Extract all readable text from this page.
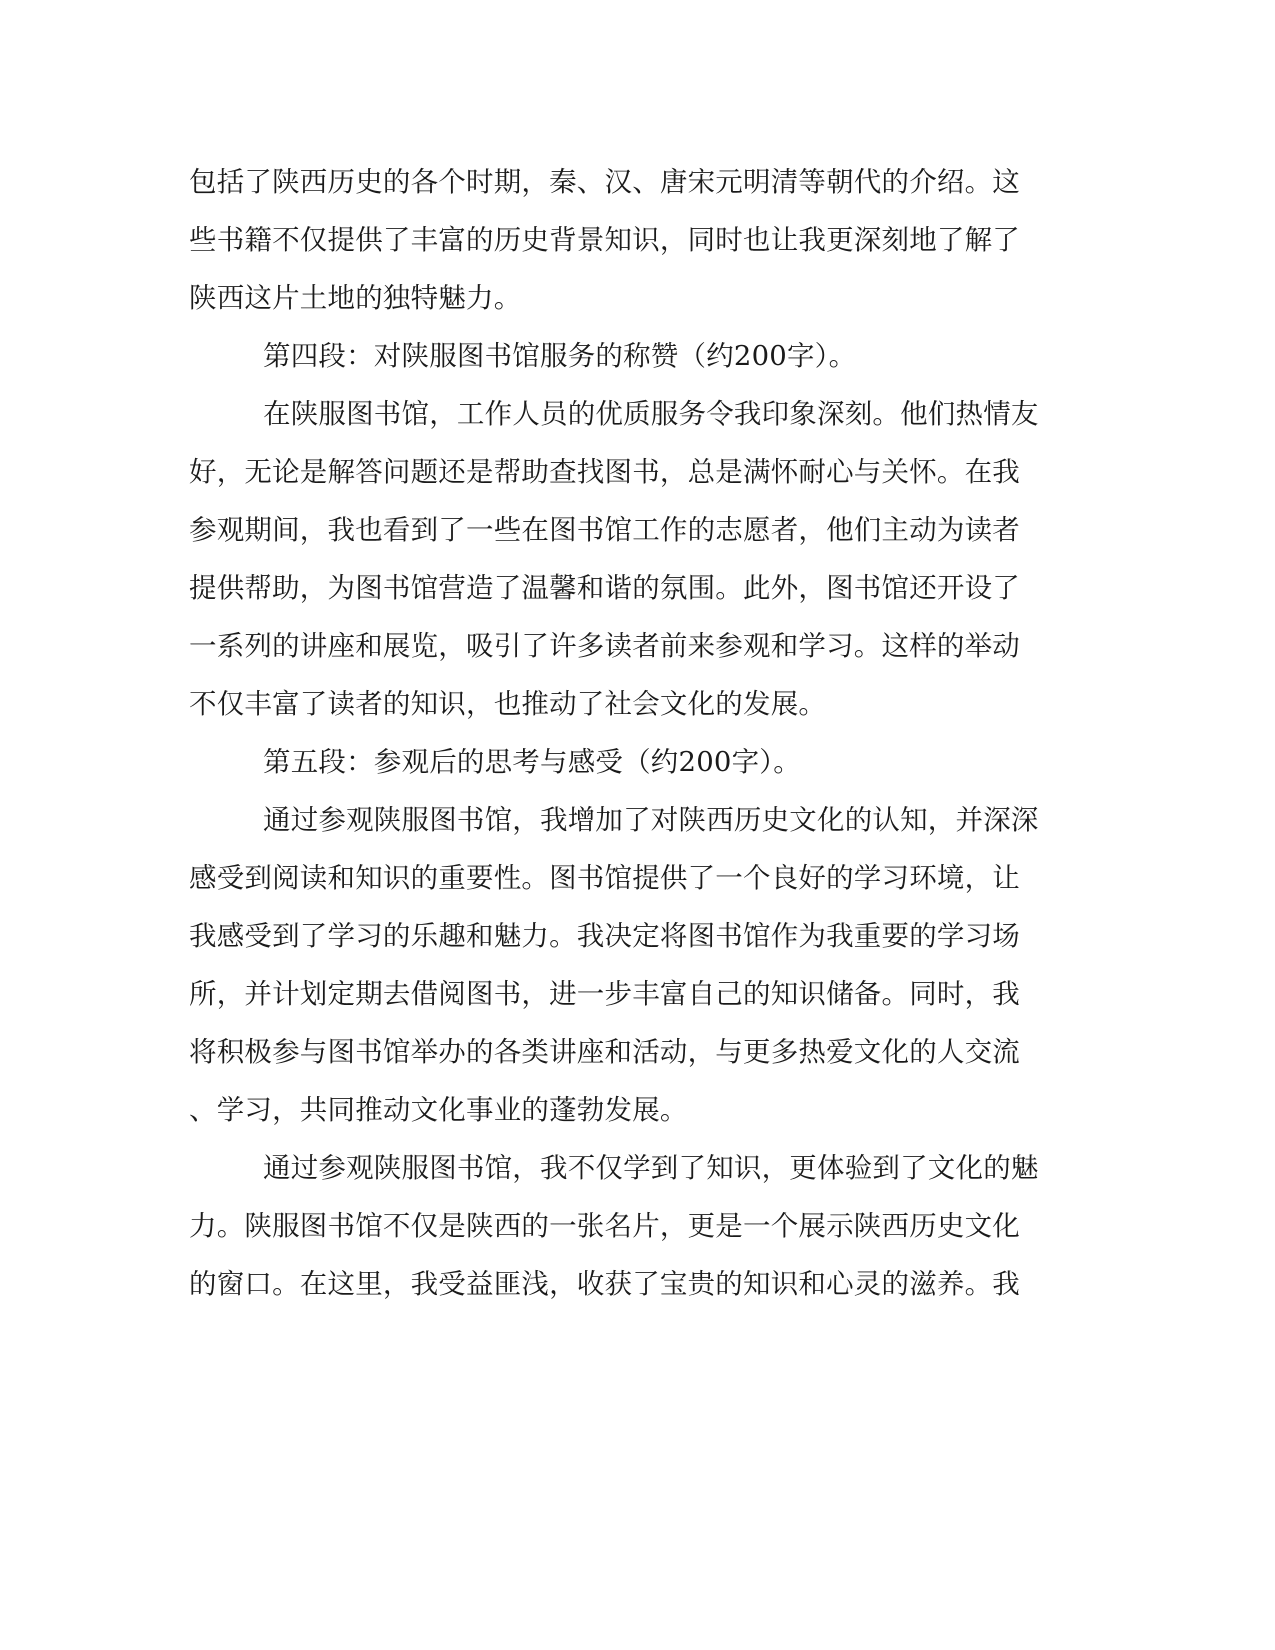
包括了陕西历史的各个时期，秦、汉、唐宋元明清等朝代的介绍。这
些书籍不仅提供了丰富的历史背景知识，同时也让我更深刻地了解了
陕西这片土地的独特魅力。
第四段：对陕服图书馆服务的称赞（约200字）。
在陕服图书馆，工作人员的优质服务令我印象深刻。他们热情友
好，无论是解答问题还是帮助查找图书，总是满怀耐心与关怀。在我
参观期间，我也看到了一些在图书馆工作的志愿者，他们主动为读者
提供帮助，为图书馆营造了温馨和谐的氛围。此外，图书馆还开设了
一系列的讲座和展览，吸引了许多读者前来参观和学习。这样的举动
不仅丰富了读者的知识，也推动了社会文化的发展。
第五段：参观后的思考与感受（约200字）。
通过参观陕服图书馆，我增加了对陕西历史文化的认知，并深深
感受到阅读和知识的重要性。图书馆提供了一个良好的学习环境，让
我感受到了学习的乐趣和魅力。我决定将图书馆作为我重要的学习场
所，并计划定期去借阅图书，进一步丰富自己的知识储备。同时，我
将积极参与图书馆举办的各类讲座和活动，与更多热爱文化的人交流
、学习，共同推动文化事业的蓬勃发展。
通过参观陕服图书馆，我不仅学到了知识，更体验到了文化的魅
力。陕服图书馆不仅是陕西的一张名片，更是一个展示陕西历史文化
的窗口。在这里，我受益匪浅，收获了宝贵的知识和心灵的滋养。我
